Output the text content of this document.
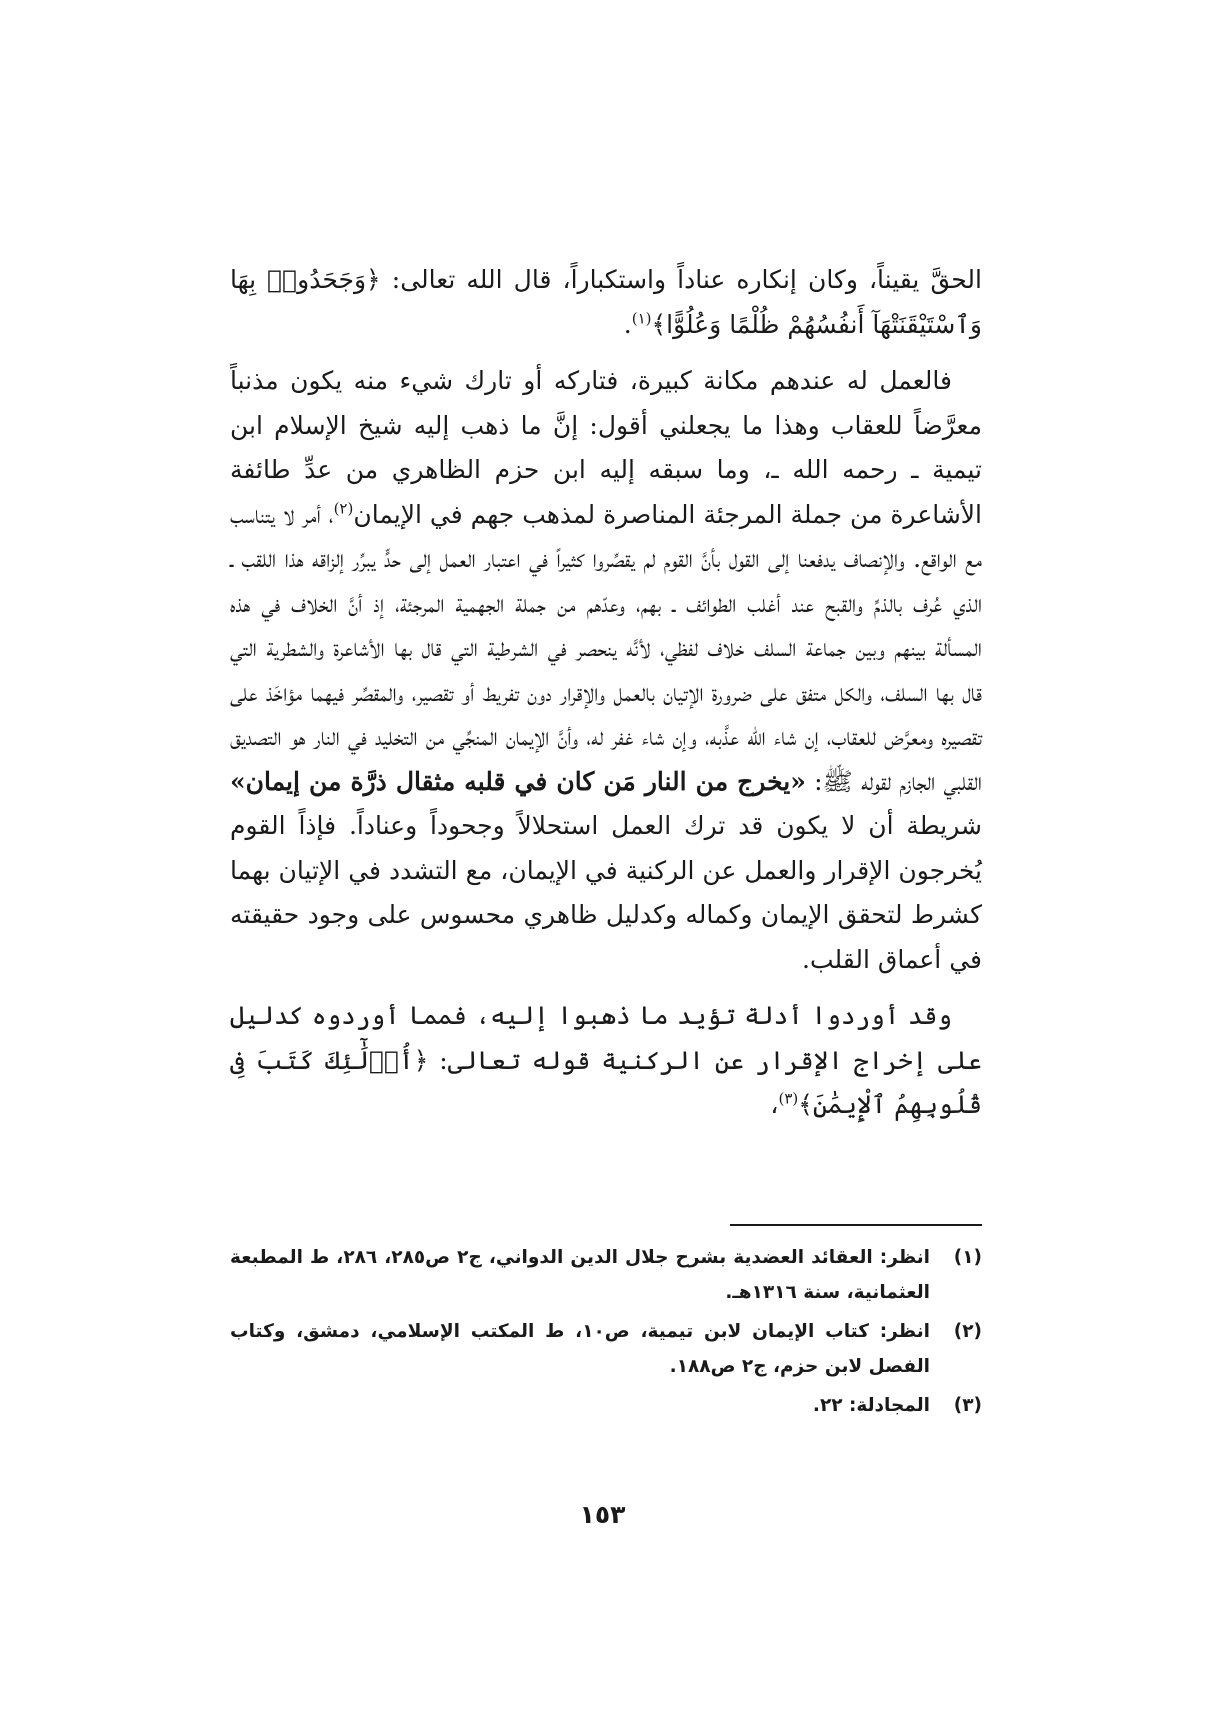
الحقَّ يقيناً، وكان إنكاره عناداً واستكباراً، قال الله تعالى: ﴿وَجَحَدُوا۟ بِهَا وَٱسْتَيْقَنَتْهَآ أَنفُسُهُمْ ظُلْمًا وَعُلُوًّا﴾$^{(١)}$.

فالعمل له عندهم مكانة كبيرة، فتاركه أو تارك شيء منه يكون مذنباً معرَّضاً للعقاب وهذا ما يجعلني أقول: إنَّ ما ذهب إليه شيخ الإسلام ابن تيمية ـ رحمه الله ـ، وما سبقه إليه ابن حزم الظاهري من عدِّ طائفة الأشاعرة من جملة المرجئة المناصرة لمذهب جهم في الإيمان$^{(٢)}$، أمر لا يتناسب مع الواقع. والإنصاف يدفعنا إلى القول بأنَّ القوم لم يقصِّروا كثيراً في اعتبار العمل إلى حدٍّ يبرِّر إلزاقه هذا اللقب ـ الذي عُرف بالذمِّ والقبح عند أغلب الطوائف ـ بهم، وعدّهم من جملة الجهمية المرجئة، إذ أنَّ الخلاف في هذه المسألة بينهم وبين جماعة السلف خلاف لفظي، لأنَّه ينحصر في الشرطية التي قال بها الأشاعرة والشطرية التي قال بها السلف، والكل متفق على ضرورة الإتيان بالعمل والإقرار دون تفريط أو تقصير، والمقصِّر فيهما مؤاخَذ على تقصيره ومعرَّض للعقاب، إن شاء الله عذَّبه، وإن شاء غفر له، وأنَّ الإيمان المنجِّي من التخليد في النار هو التصديق القلبي الجازم لقوله ﷺ: «يخرج من النار مَن كان في قلبه مثقال ذرَّة من إيمان» شريطة أن لا يكون قد ترك العمل استحلالاً وجحوداً وعناداً. فإذاً القوم يُخرجون الإقرار والعمل عن الركنية في الإيمان، مع التشدد في الإتيان بهما كشرط لتحقق الإيمان وكماله وكدليل ظاهري محسوس على وجود حقيقته في أعماق القلب.

وقد أوردوا أدلة تؤيد ما ذهبوا إليه، فمما أوردوه كدليل على إخراج الإقرار عن الركنية قوله تعالى: ﴿أُو۟لَٰٓئِكَ كَتَبَ فِى قُلُوبِهِمُ ٱلْإِيمَٰنَ﴾$^{(٣)}$،

(١)
انظر: العقائد العضدية بشرح جلال الدين الدواني، ج٢ ص٢٨٥، ٢٨٦، ط المطبعة العثمانية، سنة ١٣١٦هـ.
(٢)
انظر: كتاب الإيمان لابن تيمية، ص١٠، ط المكتب الإسلامي، دمشق، وكتاب الفصل لابن حزم، ج٢ ص١٨٨.
(٣)
المجادلة: ٢٢.
١٥٣
